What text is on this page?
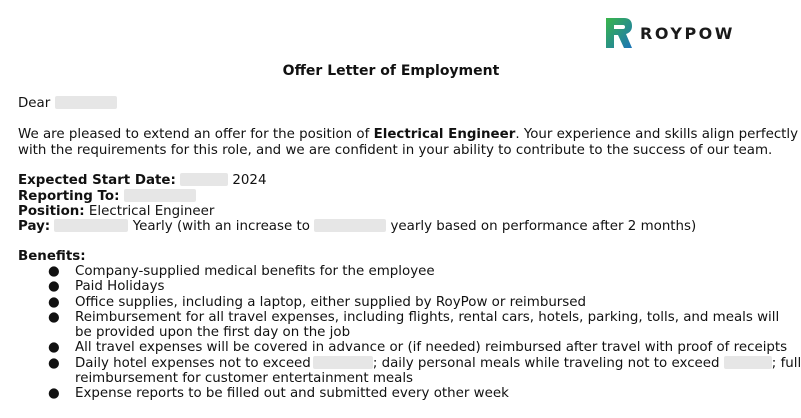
ROYPOW
Offer Letter of Employment
Dear
We are pleased to extend an offer for the position of Electrical Engineer. Your experience and skills align perfectly
with the requirements for this role, and we are confident in your ability to contribute to the success of our team.
Expected Start Date:	2024
Reporting To:
Position: Electrical Engineer
Pay:	Yearly (with an increase to	yearly based on performance after 2 months)
Benefits:
● Company-supplied medical benefits for the employee
● Paid Holidays
● Office supplies, including a laptop, either supplied by RoyPow or reimbursed
● Reimbursement for all travel expenses, including flights, rental cars, hotels, parking, tolls, and meals will
be provided upon the first day on the job
● All travel expenses will be covered in advance or (if needed) reimbursed after travel with proof of receipts
● Daily hotel expenses not to exceed	; daily personal meals while traveling not to exceed	; full
reimbursement for customer entertainment meals
● Expense reports to be filled out and submitted every other week
